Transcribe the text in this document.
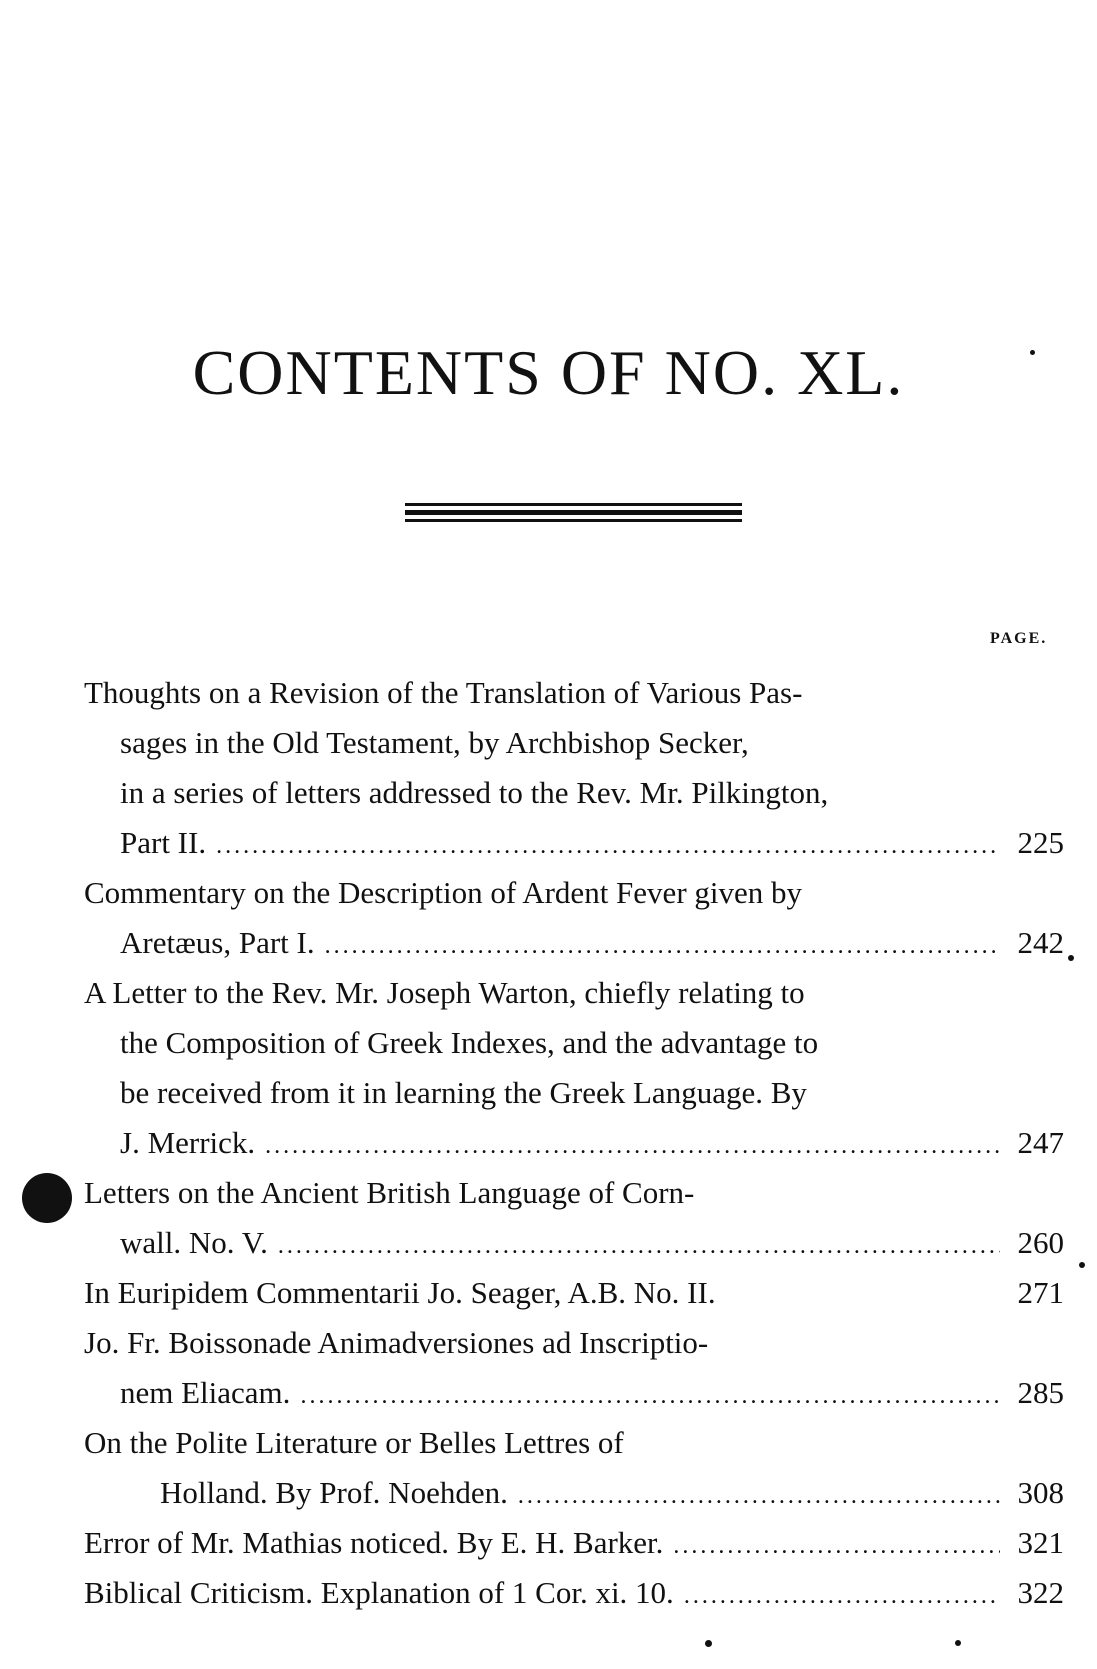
CONTENTS OF NO. XL.
PAGE.
Thoughts on a Revision of the Translation of Various Pas-
sages in the Old Testament, by Archbishop Secker,
in a series of letters addressed to the Rev. Mr. Pilkington,
Part II. .....	225
Commentary on the Description of Ardent Fever given by
Aretæus, Part I. .....	242
A Letter to the Rev. Mr. Joseph Warton, chiefly relating to
the Composition of Greek Indexes, and the advantage to
be received from it in learning the Greek Language. By
J. Merrick. .....	247
Letters on the Ancient British Language of Corn-
wall. No. V. .....	260
In Euripidem Commentarii Jo. Seager, A.B. No. II.	271
Jo. Fr. Boissonade Animadversiones ad Inscriptio-
nem Eliacam. .....	285
On the Polite Literature or Belles Lettres of
Holland. By Prof. Noehden. .....	308
Error of Mr. Mathias noticed. By E. H. Barker. .....	321
Biblical Criticism. Explanation of 1 Cor. xi. 10. .....	322
